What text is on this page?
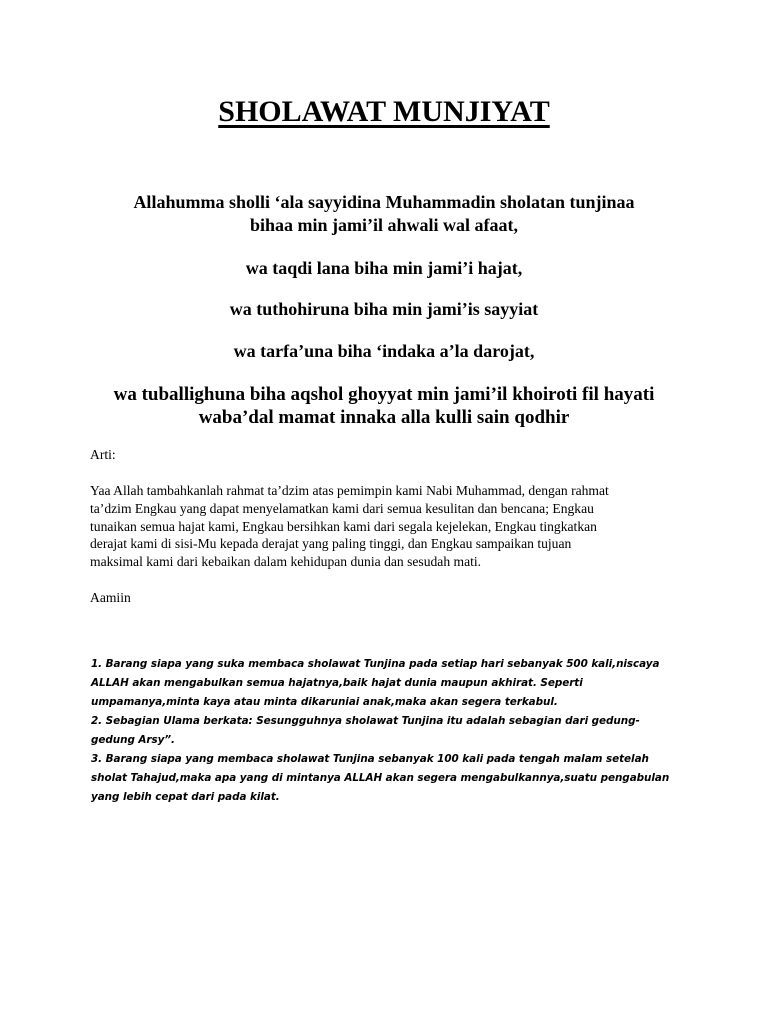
SHOLAWAT MUNJIYAT
Allahumma sholli ‘ala sayyidina Muhammadin sholatan tunjinaa
bihaa min jami’il ahwali wal afaat,
wa taqdi lana biha min jami’i hajat,
wa tuthohiruna biha min jami’is sayyiat
wa tarfa’una biha ‘indaka a’la darojat,
wa tuballighuna biha aqshol ghoyyat min jami’il khoiroti fil hayati
waba’dal mamat innaka alla kulli sain qodhir
Arti:
Yaa Allah tambahkanlah rahmat ta’dzim atas pemimpin kami Nabi Muhammad, dengan rahmat
ta’dzim Engkau yang dapat menyelamatkan kami dari semua kesulitan dan bencana; Engkau
tunaikan semua hajat kami, Engkau bersihkan kami dari segala kejelekan, Engkau tingkatkan
derajat kami di sisi-Mu kepada derajat yang paling tinggi, dan Engkau sampaikan tujuan
maksimal kami dari kebaikan dalam kehidupan dunia dan sesudah mati.
Aamiin
1. Barang siapa yang suka membaca sholawat Tunjina pada setiap hari sebanyak 500 kali,niscaya
ALLAH akan mengabulkan semua hajatnya,baik hajat dunia maupun akhirat. Seperti
umpamanya,minta kaya atau minta dikaruniai anak,maka akan segera terkabul.
2. Sebagian Ulama berkata: Sesungguhnya sholawat Tunjina itu adalah sebagian dari gedung-
gedung Arsy”.
3. Barang siapa yang membaca sholawat Tunjina sebanyak 100 kali pada tengah malam setelah
sholat Tahajud,maka apa yang di mintanya ALLAH akan segera mengabulkannya,suatu pengabulan
yang lebih cepat dari pada kilat.
